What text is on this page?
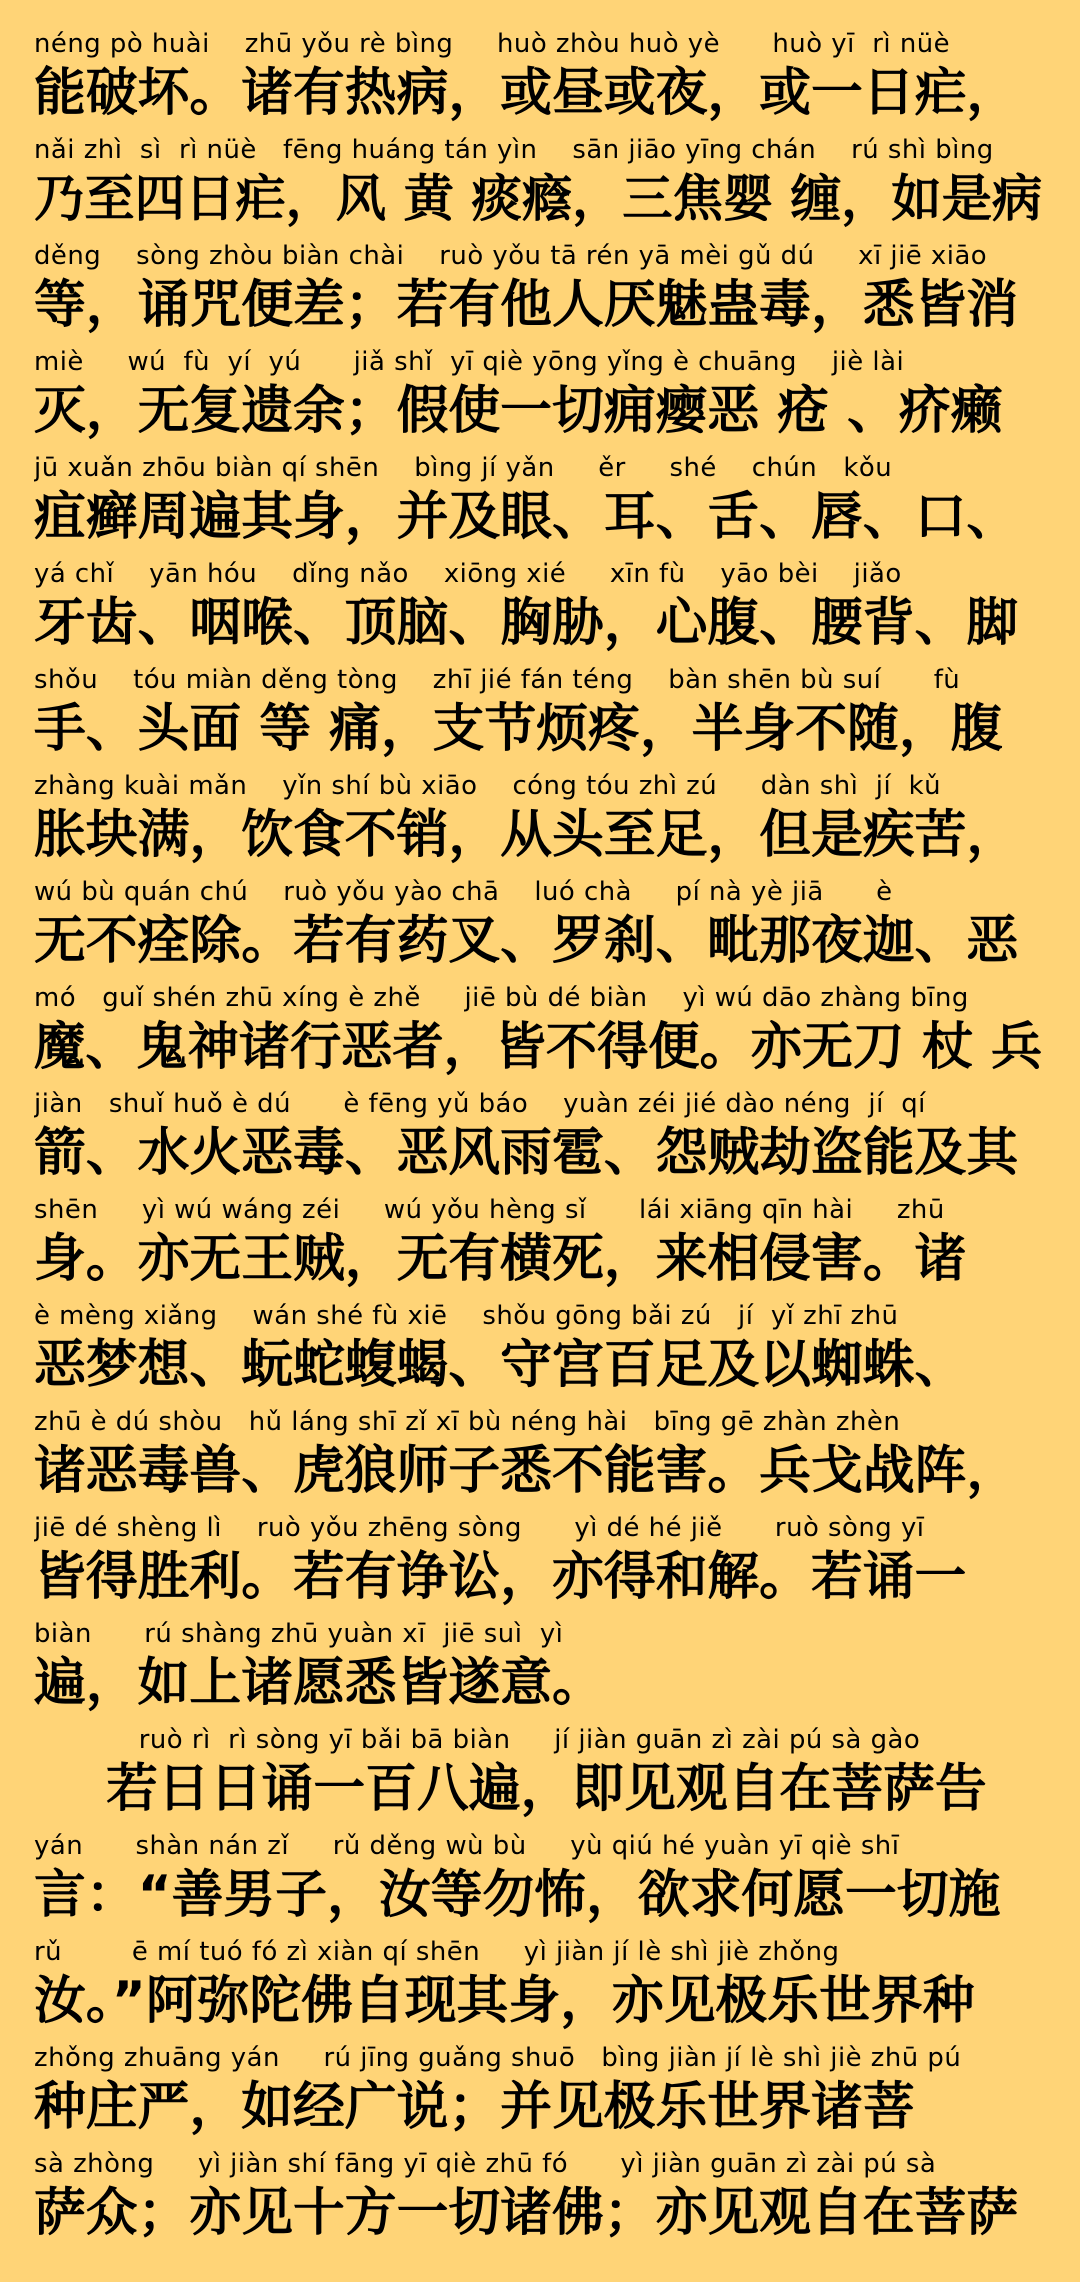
néng pò huài    zhū yǒu rè bìng     huò zhòu huò yè      huò yī  rì nüè
能破坏。诸有热病，或昼或夜，或一日疟，
nǎi zhì  sì  rì nüè   fēng huáng tán yìn    sān jiāo yīng chán    rú shì bìng
乃至四日疟，风 黄 痰癊，三焦婴 缠，如是病
děng    sòng zhòu biàn chài    ruò yǒu tā rén yā mèi gǔ dú     xī jiē xiāo
等，诵咒便差；若有他人厌魅蛊毒，悉皆消
miè     wú  fù  yí  yú      jiǎ shǐ  yī qiè yōng yǐng è chuāng    jiè lài
灭，无复遗余；假使一切痈瘿恶 疮 、疥癞
jū xuǎn zhōu biàn qí shēn    bìng jí yǎn     ěr     shé    chún   kǒu
疽癣周遍其身，并及眼、耳、舌、唇、口、
yá chǐ    yān hóu    dǐng nǎo    xiōng xié     xīn fù    yāo bèi    jiǎo
牙齿、咽喉、顶脑、胸胁，心腹、腰背、脚
shǒu    tóu miàn děng tòng    zhī jié fán téng    bàn shēn bù suí      fù
手、头面 等 痛，支节烦疼，半身不随，腹
zhàng kuài mǎn    yǐn shí bù xiāo    cóng tóu zhì zú     dàn shì  jí  kǔ
胀块满，饮食不销，从头至足，但是疾苦，
wú bù quán chú    ruò yǒu yào chā    luó chà     pí nà yè jiā      è
无不痊除。若有药叉、罗刹、毗那夜迦、恶
mó   guǐ shén zhū xíng è zhě     jiē bù dé biàn    yì wú dāo zhàng bīng
魔、鬼神诸行恶者，皆不得便。亦无刀 杖 兵
jiàn   shuǐ huǒ è dú      è fēng yǔ báo    yuàn zéi jié dào néng  jí  qí
箭、水火恶毒、恶风雨雹、怨贼劫盗能及其
shēn     yì wú wáng zéi     wú yǒu hèng sǐ      lái xiāng qīn hài     zhū
身。亦无王贼，无有横死，来相侵害。诸
è mèng xiǎng    wán shé fù xiē    shǒu gōng bǎi zú   jí  yǐ zhī zhū
恶梦想、蚖蛇蝮蝎、守宫百足及以蜘蛛、
zhū è dú shòu   hǔ láng shī zǐ xī bù néng hài   bīng gē zhàn zhèn
诸恶毒兽、虎狼师子悉不能害。兵戈战阵，
jiē dé shèng lì    ruò yǒu zhēng sòng      yì dé hé jiě      ruò sòng yī
皆得胜利。若有诤讼，亦得和解。若诵一
biàn      rú shàng zhū yuàn xī  jiē suì  yì
遍，如上诸愿悉皆遂意。
ruò rì  rì sòng yī bǎi bā biàn     jí jiàn guān zì zài pú sà gào
若日日诵一百八遍，即见观自在菩萨告
yán      shàn nán zǐ     rǔ děng wù bù     yù qiú hé yuàn yī qiè shī
言：“善男子，汝等勿怖，欲求何愿一切施
rǔ        ē mí tuó fó zì xiàn qí shēn     yì jiàn jí lè shì jiè zhǒng
汝。”阿弥陀佛自现其身，亦见极乐世界种
zhǒng zhuāng yán     rú jīng guǎng shuō   bìng jiàn jí lè shì jiè zhū pú
种庄严，如经广说；并见极乐世界诸菩
sà zhòng     yì jiàn shí fāng yī qiè zhū fó      yì jiàn guān zì zài pú sà
萨众；亦见十方一切诸佛；亦见观自在菩萨
